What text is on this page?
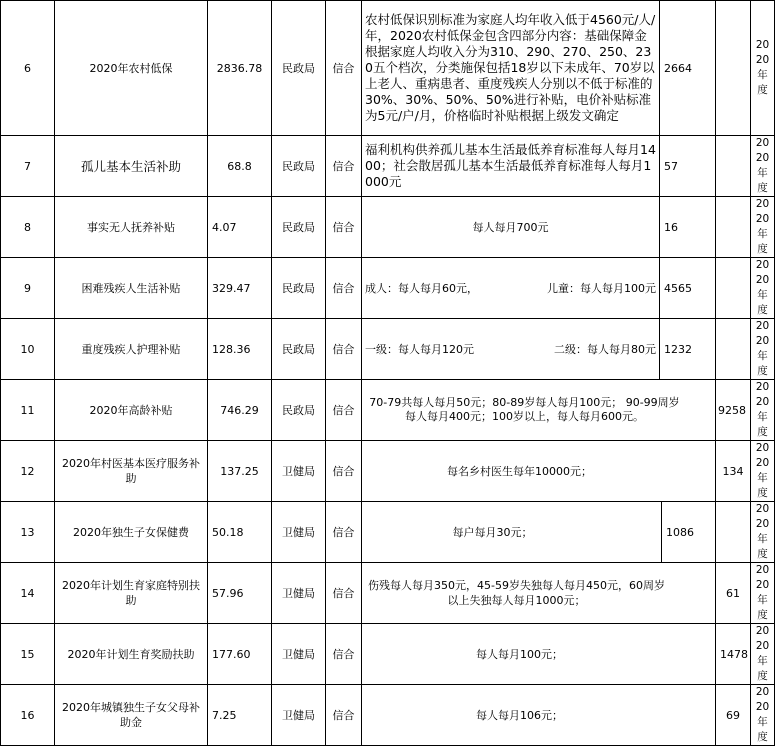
6	2020年农村低保	2836.78	民政局	信合	农村低保识别标准为家庭人均年收入低于4560元/人/年，2020农村低保金包含四部分内容：基础保障金根据家庭人均收入分为310、290、270、250、230五个档次，分类施保包括18岁以下未成年、70岁以上老人、重病患者、重度残疾人分别以不低于标准的30%、30%、50%、50%进行补贴，电价补贴标准为5元/户/月，价格临时补贴根据上级发文确定	2664			2020年度
7	孤儿基本生活补助	68.8	民政局	信合	福利机构供养孤儿基本生活最低养育标准每人每月1400；社会散居孤儿基本生活最低养育标准每人每月1000元	57			2020年度
8	事实无人抚养补贴	4.07	民政局	信合	每人每月700元	16			2020年度
9	困难残疾人生活补贴	329.47	民政局	信合	成人：每人每月60元， 儿童：每人每月100元	4565			2020年度
10	重度残疾人护理补贴	128.36	民政局	信合	一级：每人每月120元 二级：每人每月80元	1232			2020年度
11	2020年高龄补贴	746.29	民政局	信合	70-79共每人每月50元；80-89岁每人每月100元； 90-99周岁每人每月400元；100岁以上，每人每月600元。			9258	2020年度
12	2020年村医基本医疗服务补助	137.25	卫健局	信合	每名乡村医生每年10000元；			134	2020年度
13	2020年独生子女保健费	50.18	卫健局	信合	每户每月30元；		1086		2020年度
14	2020年计划生育家庭特别扶助	57.96	卫健局	信合	伤残每人每月350元，45-59岁失独每人每月450元，60周岁以上失独每人每月1000元；			61	2020年度
15	2020年计划生育奖励扶助	177.60	卫健局	信合	每人每月100元；			1478	2020年度
16	2020年城镇独生子女父母补助金	7.25	卫健局	信合	每人每月106元；			69	2020年度
